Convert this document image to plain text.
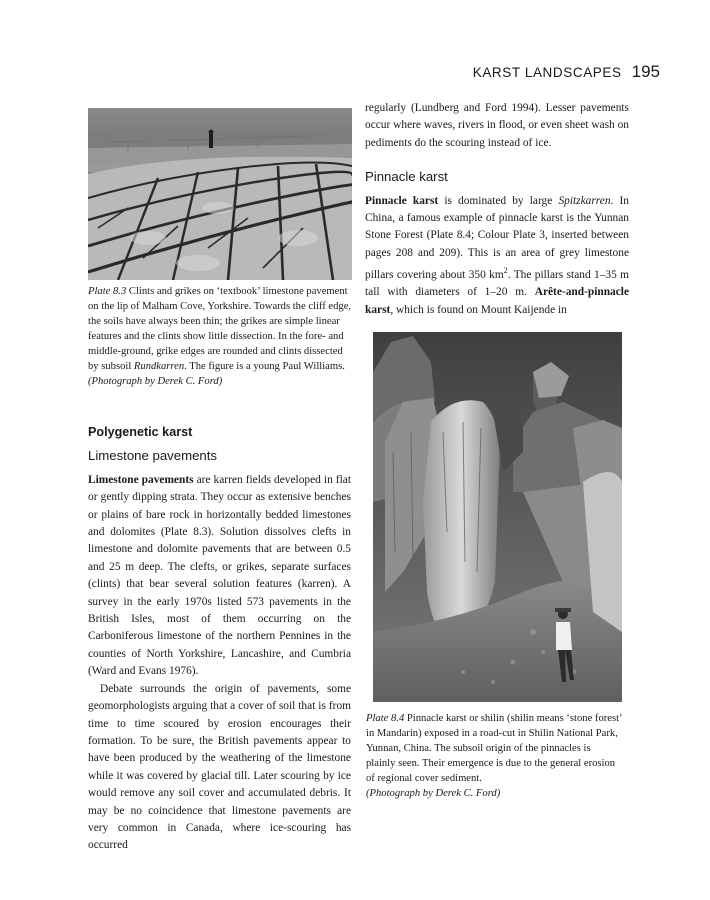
KARST LANDSCAPES 195

Plate 8.3 Clints and grikes on ‘textbook’ limestone pavement on the lip of Malham Cove, Yorkshire. Towards the cliff edge, the soils have always been thin; the grikes are simple linear features and the clints show little dissection. In the fore- and middle-ground, grike edges are rounded and clints dissected by subsoil Rundkarren. The figure is a young Paul Williams.
(Photograph by Derek C. Ford)

Polygenetic karst

Limestone pavements

Limestone pavements are karren fields developed in flat or gently dipping strata. They occur as extensive benches or plains of bare rock in horizontally bedded limestones and dolomites (Plate 8.3). Solution dissolves clefts in limestone and dolomite pavements that are between 0.5 and 25 m deep. The clefts, or grikes, separate surfaces (clints) that bear several solution features (karren). A survey in the early 1970s listed 573 pavements in the British Isles, most of them occurring on the Carboniferous limestone of the northern Pennines in the counties of North Yorkshire, Lancashire, and Cumbria (Ward and Evans 1976).

Debate surrounds the origin of pavements, some geomorphologists arguing that a cover of soil that is from time to time scoured by erosion encourages their formation. To be sure, the British pavements appear to have been produced by the weathering of the limestone while it was covered by glacial till. Later scouring by ice would remove any soil cover and accumulated debris. It may be no coincidence that limestone pavements are very common in Canada, where ice-scouring has occurred

regularly (Lundberg and Ford 1994). Lesser pavements occur where waves, rivers in flood, or even sheet wash on pediments do the scouring instead of ice.

Pinnacle karst

Pinnacle karst is dominated by large Spitzkarren. In China, a famous example of pinnacle karst is the Yunnan Stone Forest (Plate 8.4; Colour Plate 3, inserted between pages 208 and 209). This is an area of grey limestone pillars covering about 350 $km^2$. The pillars stand 1–35 m tall with diameters of 1–20 m. Arête-and-pinnacle karst, which is found on Mount Kaijende in

Plate 8.4 Pinnacle karst or shilin (shilin means ‘stone forest’ in Mandarin) exposed in a road-cut in Shilin National Park, Yunnan, China. The subsoil origin of the pinnacles is plainly seen. Their emergence is due to the general erosion of regional cover sediment.
(Photograph by Derek C. Ford)
